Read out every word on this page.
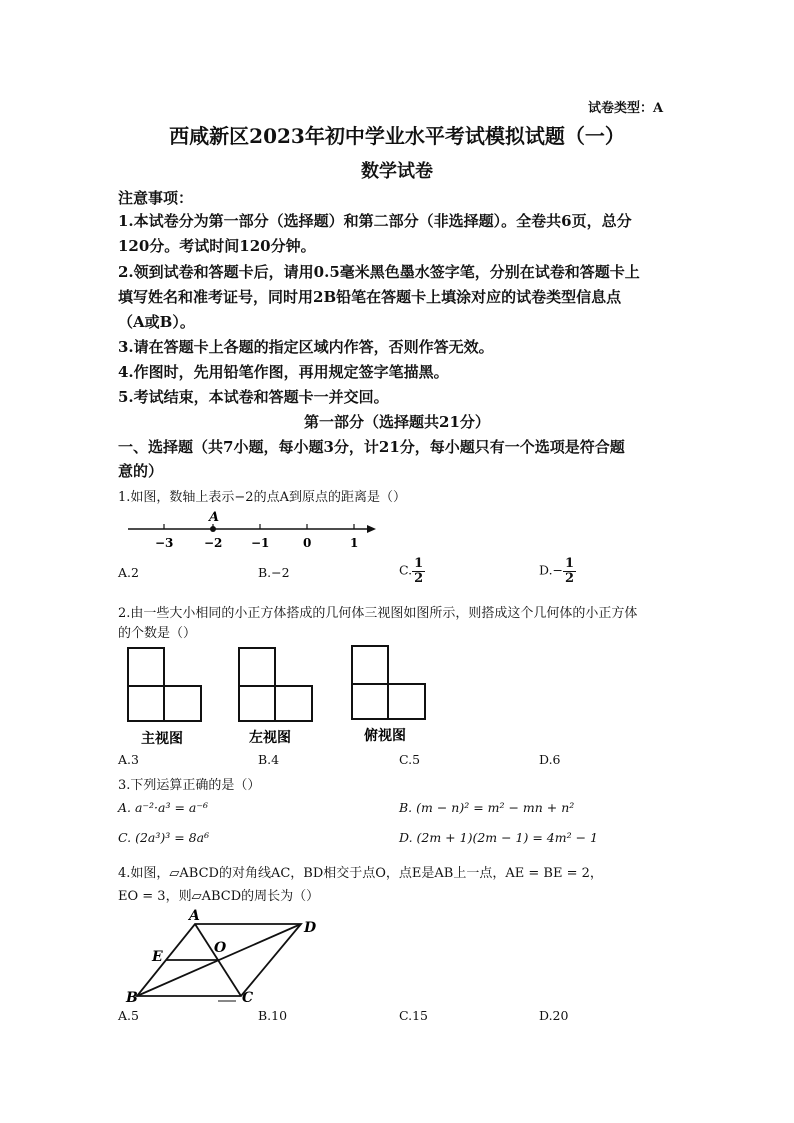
试卷类型：A
西咸新区2023年初中学业水平考试模拟试题（一）
数学试卷
注意事项：
1.本试卷分为第一部分（选择题）和第二部分（非选择题）。全卷共6页，总分
120分。考试时间120分钟。
2.领到试卷和答题卡后，请用0.5毫米黑色墨水签字笔，分别在试卷和答题卡上
填写姓名和准考证号，同时用2B铅笔在答题卡上填涂对应的试卷类型信息点
（A或B）。
3.请在答题卡上各题的指定区域内作答，否则作答无效。
4.作图时，先用铅笔作图，再用规定签字笔描黑。
5.考试结束，本试卷和答题卡一并交回。
第一部分（选择题共21分）
一、选择题（共7小题，每小题3分，计21分，每小题只有一个选项是符合题
意的）
1.如图，数轴上表示−2的点A到原点的距离是（）
A
−3	−2 −1	0	1
A.2	B.−2	C. $\frac{1}{2}$	$D.- \frac{1}{2}$
2.由一些大小相同的小正方体搭成的几何体三视图如图所示，则搭成这个几何体的小正方体
的个数是（）
主视图	左视图	俯视图
A.3	B.4	C.5	D.6
3.下列运算正确的是（）
A. a⁻²·a³ = a⁻⁶	B. (m − n)² = m² − mn + n²
C. (2a³)³ = 8a⁶	D. (2m + 1)(2m − 1) = 4m² − 1
4.如图，▱ABCD的对角线AC，BD相交于点O，点E是AB上一点，AE = BE = 2，
EO = 3，则▱ABCD的周长为（）
A
D
E
O
B	C
A.5	B.10	C.15	D.20
